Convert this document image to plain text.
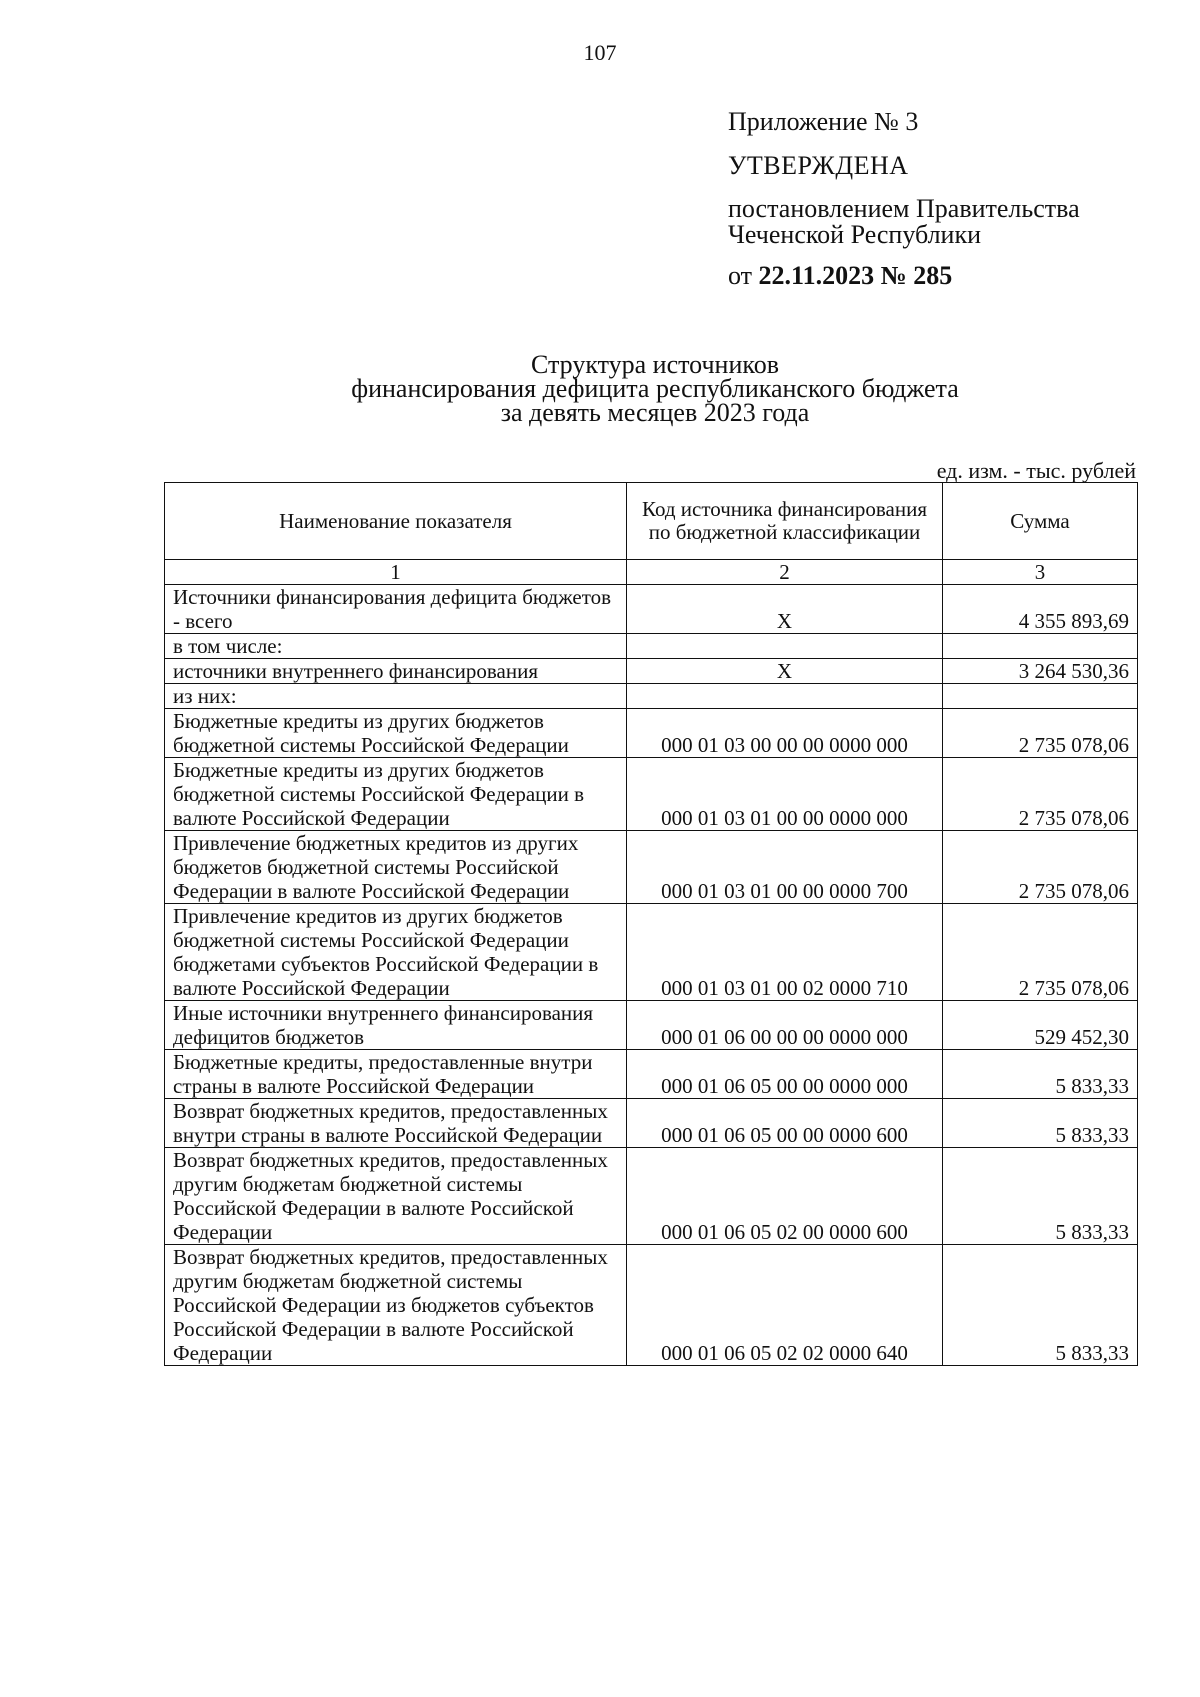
107
Приложение № 3
УТВЕРЖДЕНА
постановлением Правительства
Чеченской Республики
от 22.11.2023 № 285
Структура источников
финансирования дефицита республиканского бюджета
за девять месяцев 2023 года
ед. изм. - тыс. рублей
Наименование показателя	Код источника финансирования по бюджетной классификации	Сумма
1	2	3
Источники финансирования дефицита бюджетов - всего	Х	4 355 893,69
в том числе:		
источники внутреннего финансирования	Х	3 264 530,36
из них:		
Бюджетные кредиты из других бюджетов бюджетной системы Российской Федерации	000 01 03 00 00 00 0000 000	2 735 078,06
Бюджетные кредиты из других бюджетов бюджетной системы Российской Федерации в валюте Российской Федерации	000 01 03 01 00 00 0000 000	2 735 078,06
Привлечение бюджетных кредитов из других бюджетов бюджетной системы Российской Федерации в валюте Российской Федерации	000 01 03 01 00 00 0000 700	2 735 078,06
Привлечение кредитов из других бюджетов бюджетной системы Российской Федерации бюджетами субъектов Российской Федерации в валюте Российской Федерации	000 01 03 01 00 02 0000 710	2 735 078,06
Иные источники внутреннего финансирования дефицитов бюджетов	000 01 06 00 00 00 0000 000	529 452,30
Бюджетные кредиты, предоставленные внутри страны в валюте Российской Федерации	000 01 06 05 00 00 0000 000	5 833,33
Возврат бюджетных кредитов, предоставленных внутри страны в валюте Российской Федерации	000 01 06 05 00 00 0000 600	5 833,33
Возврат бюджетных кредитов, предоставленных другим бюджетам бюджетной системы Российской Федерации в валюте Российской Федерации	000 01 06 05 02 00 0000 600	5 833,33
Возврат бюджетных кредитов, предоставленных другим бюджетам бюджетной системы Российской Федерации из бюджетов субъектов Российской Федерации в валюте Российской Федерации	000 01 06 05 02 02 0000 640	5 833,33
